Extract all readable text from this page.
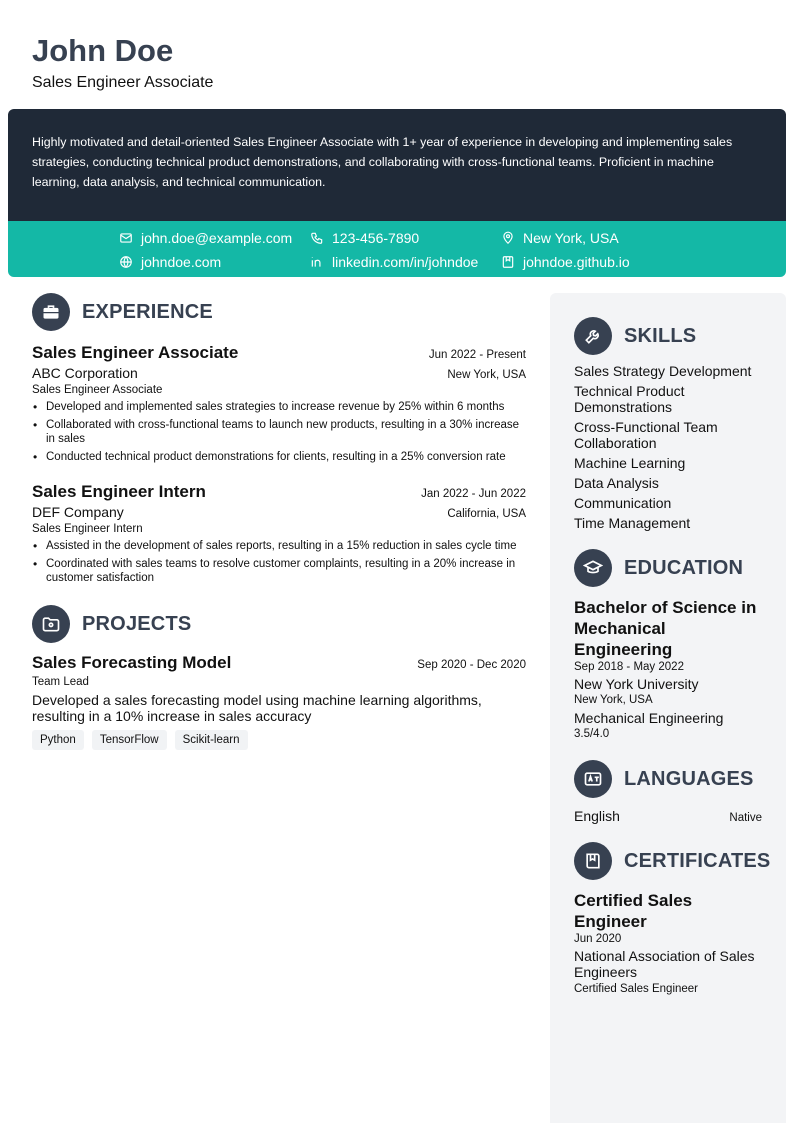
John Doe
Sales Engineer Associate

Highly motivated and detail-oriented Sales Engineer Associate with 1+ year of experience in developing and implementing sales strategies, conducting technical product demonstrations, and collaborating with cross-functional teams. Proficient in machine learning, data analysis, and technical communication.

john.doe@example.com	123-456-7890	New York, USA
johndoe.com	linkedin.com/in/johndoe	johndoe.github.io
EXPERIENCE
Sales Engineer Associate	Jun 2022 - Present
ABC Corporation	New York, USA
Sales Engineer Associate
• Developed and implemented sales strategies to increase revenue by 25% within 6 months
• Collaborated with cross-functional teams to launch new products, resulting in a 30% increase in sales
• Conducted technical product demonstrations for clients, resulting in a 25% conversion rate
Sales Engineer Intern	Jan 2022 - Jun 2022
DEF Company	California, USA
Sales Engineer Intern
• Assisted in the development of sales reports, resulting in a 15% reduction in sales cycle time
• Coordinated with sales teams to resolve customer complaints, resulting in a 20% increase in customer satisfaction
PROJECTS
Sales Forecasting Model	Sep 2020 - Dec 2020
Team Lead
Developed a sales forecasting model using machine learning algorithms, resulting in a 10% increase in sales accuracy
Python	TensorFlow	Scikit-learn
SKILLS
Sales Strategy Development
Technical Product Demonstrations
Cross-Functional Team Collaboration
Machine Learning
Data Analysis
Communication
Time Management
EDUCATION
Bachelor of Science in Mechanical Engineering
Sep 2018 - May 2022
New York University
New York, USA
Mechanical Engineering
3.5/4.0
LANGUAGES
English	Native
CERTIFICATES
Certified Sales Engineer
Jun 2020
National Association of Sales Engineers
Certified Sales Engineer
